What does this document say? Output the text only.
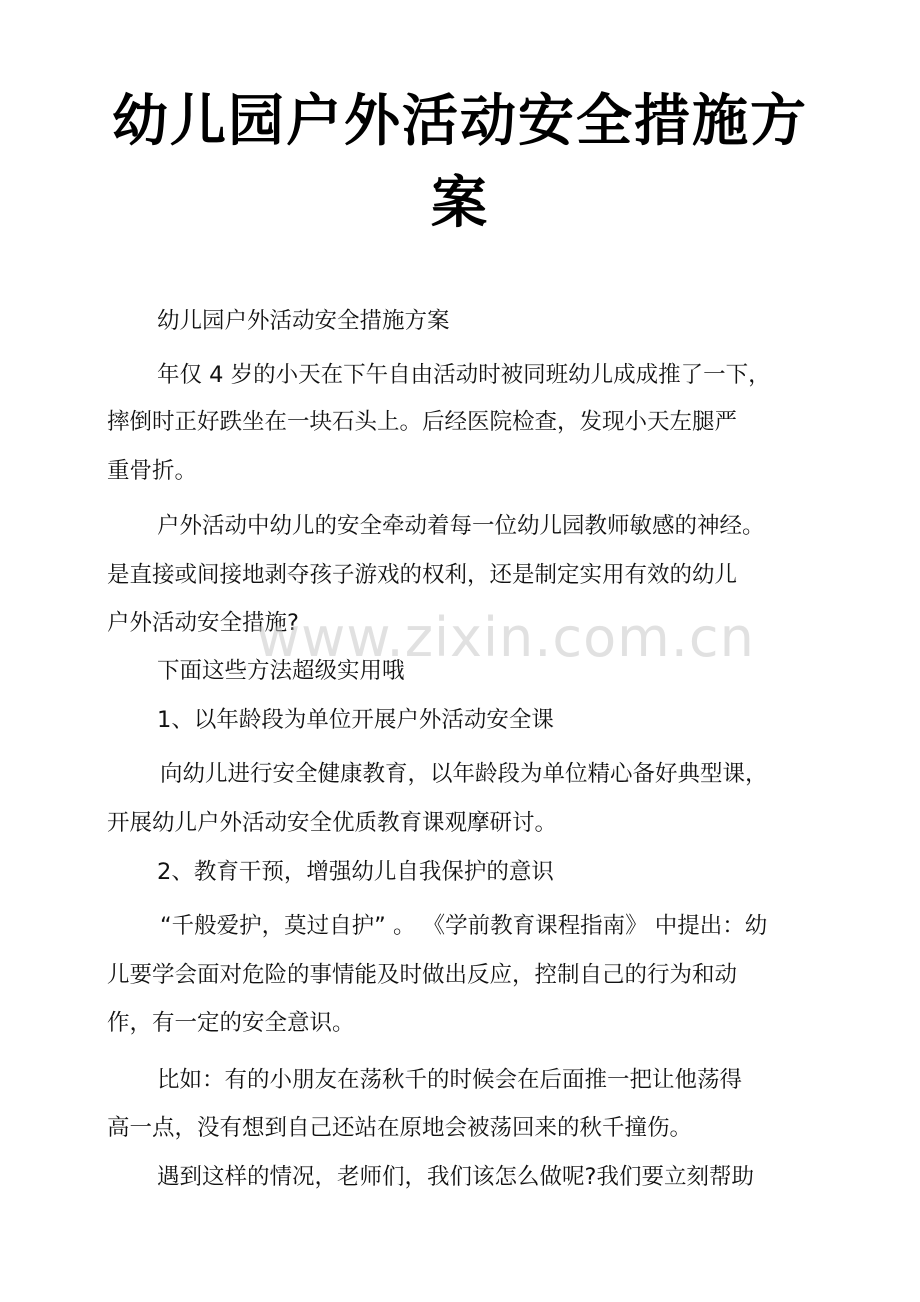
幼儿园户外活动安全措施方
案
幼儿园户外活动安全措施方案
年仅 4 岁的小天在下午自由活动时被同班幼儿成成推了一下，
摔倒时正好跌坐在一块石头上。后经医院检查，发现小天左腿严
重骨折。
户外活动中幼儿的安全牵动着每一位幼儿园教师敏感的神经。
是直接或间接地剥夺孩子游戏的权利，还是制定实用有效的幼儿
户外活动安全措施?
下面这些方法超级实用哦
1、以年龄段为单位开展户外活动安全课
向幼儿进行安全健康教育，以年龄段为单位精心备好典型课，
开展幼儿户外活动安全优质教育课观摩研讨。
2、教育干预，增强幼儿自我保护的意识
“千般爱护，莫过自护” 。 《学前教育课程指南》 中提出：幼
儿要学会面对危险的事情能及时做出反应，控制自己的行为和动
作，有一定的安全意识。
比如：有的小朋友在荡秋千的时候会在后面推一把让他荡得
高一点，没有想到自己还站在原地会被荡回来的秋千撞伤。
遇到这样的情况，老师们，我们该怎么做呢?我们要立刻帮助
www.zixin.com.cn
